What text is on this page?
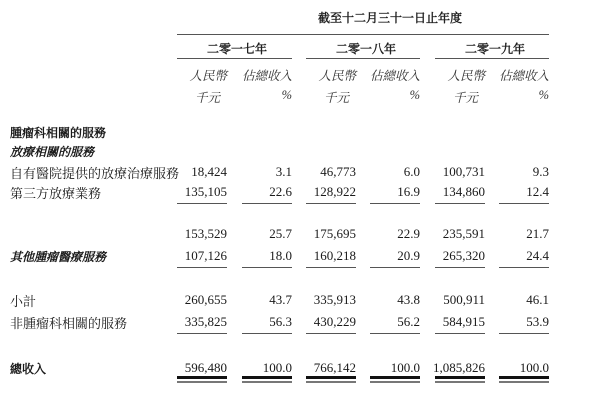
截至十二月三十一日止年度
二零一七年	二零一八年	二零一九年
人民幣	佔總收入	人民幣	佔總收入	人民幣	佔總收入
千元	%	千元	%	千元	%
腫瘤科相關的服務
放療相關的服務
自有醫院提供的放療治療服務 18,424	3.1	46,773	6.0	100,731	9.3
第三方放療業務	135,105	22.6	128,922	16.9	134,860	12.4
153,529	25.7	175,695	22.9	235,591	21.7
其他腫瘤醫療服務	107,126	18.0	160,218	20.9	265,320	24.4
小計	260,655	43.7	335,913	43.8	500,911	46.1
非腫瘤科相關的服務	335,825	56.3	430,229	56.2	584,915	53.9
總收入	596,480	100.0	766,142	100.0	1,085,826	100.0
